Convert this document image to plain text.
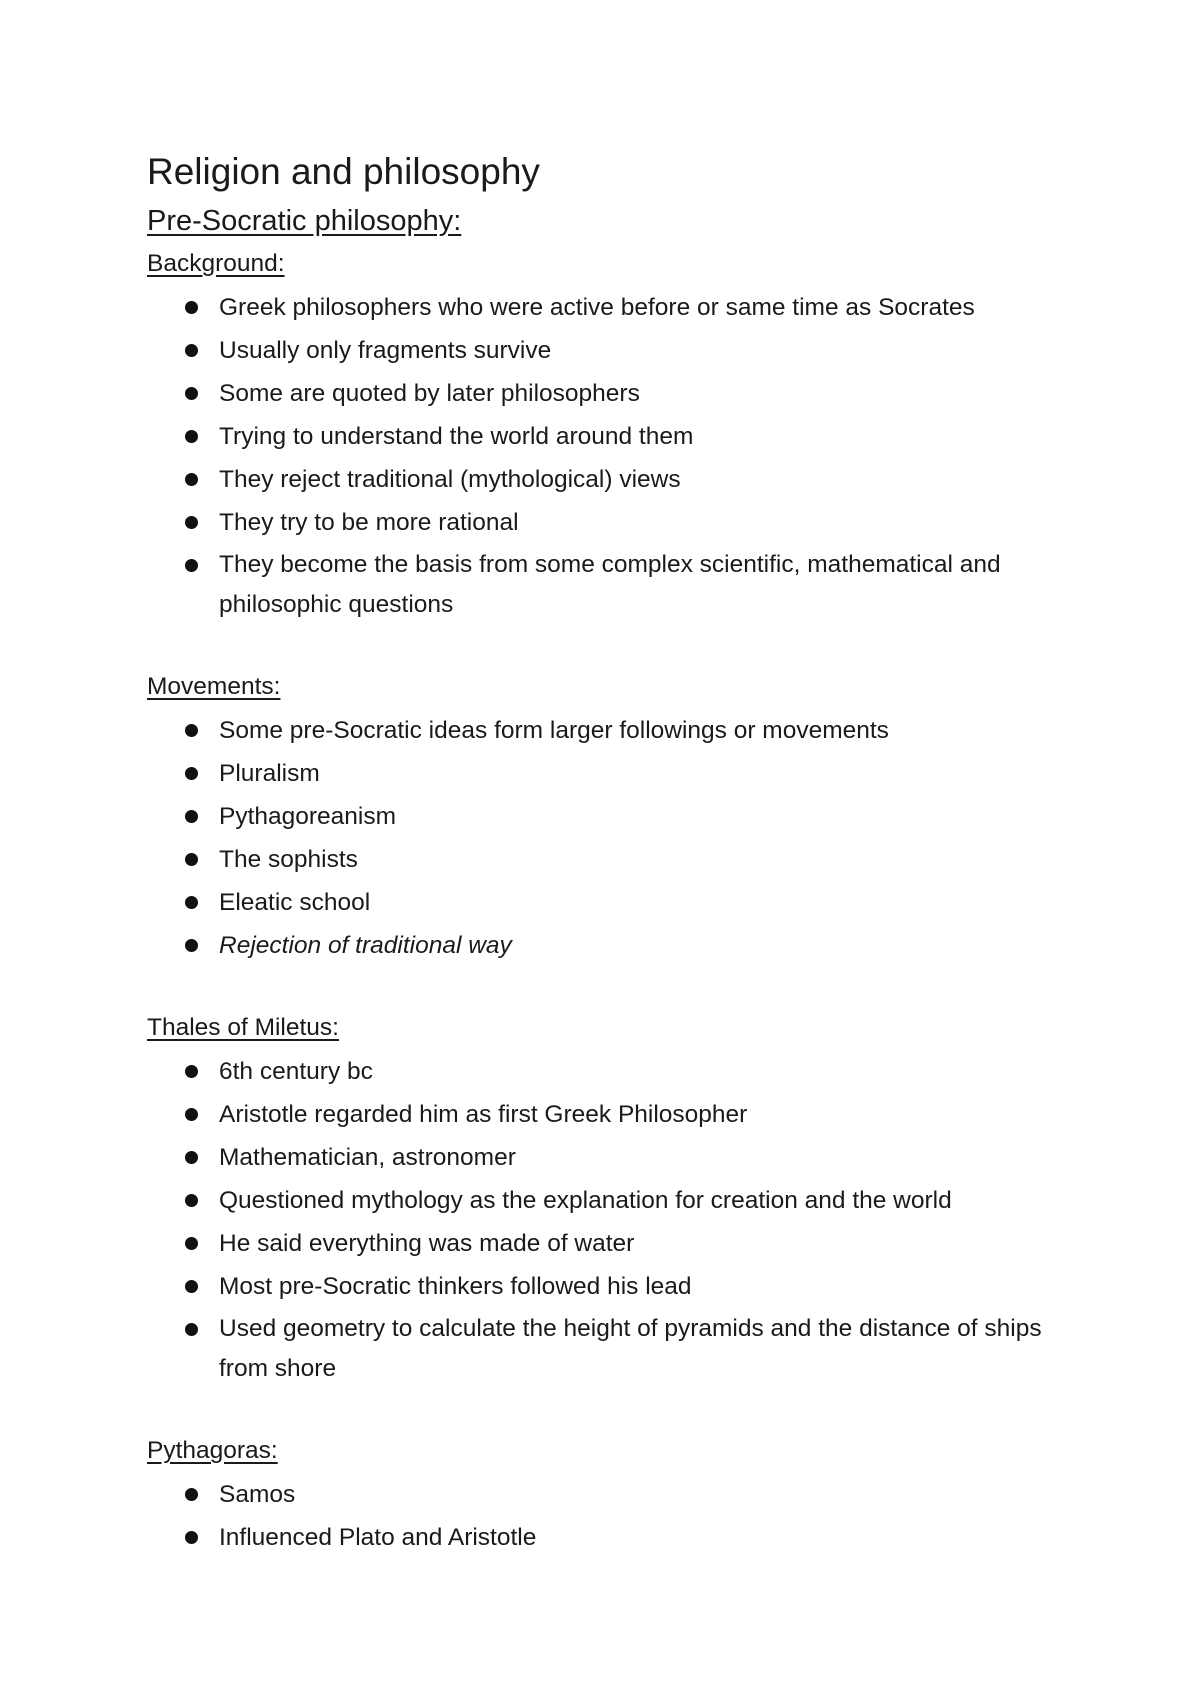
Religion and philosophy
Pre-Socratic philosophy:
Background:
Greek philosophers who were active before or same time as Socrates
Usually only fragments survive
Some are quoted by later philosophers
Trying to understand the world around them
They reject traditional (mythological) views
They try to be more rational
They become the basis from some complex scientific, mathematical and philosophic questions
Movements:
Some pre-Socratic ideas form larger followings or movements
Pluralism
Pythagoreanism
The sophists
Eleatic school
Rejection of traditional way
Thales of Miletus:
6th century bc
Aristotle regarded him as first Greek Philosopher
Mathematician, astronomer
Questioned mythology as the explanation for creation and the world
He said everything was made of water
Most pre-Socratic thinkers followed his lead
Used geometry to calculate the height of pyramids and the distance of ships from shore
Pythagoras:
Samos
Influenced Plato and Aristotle
